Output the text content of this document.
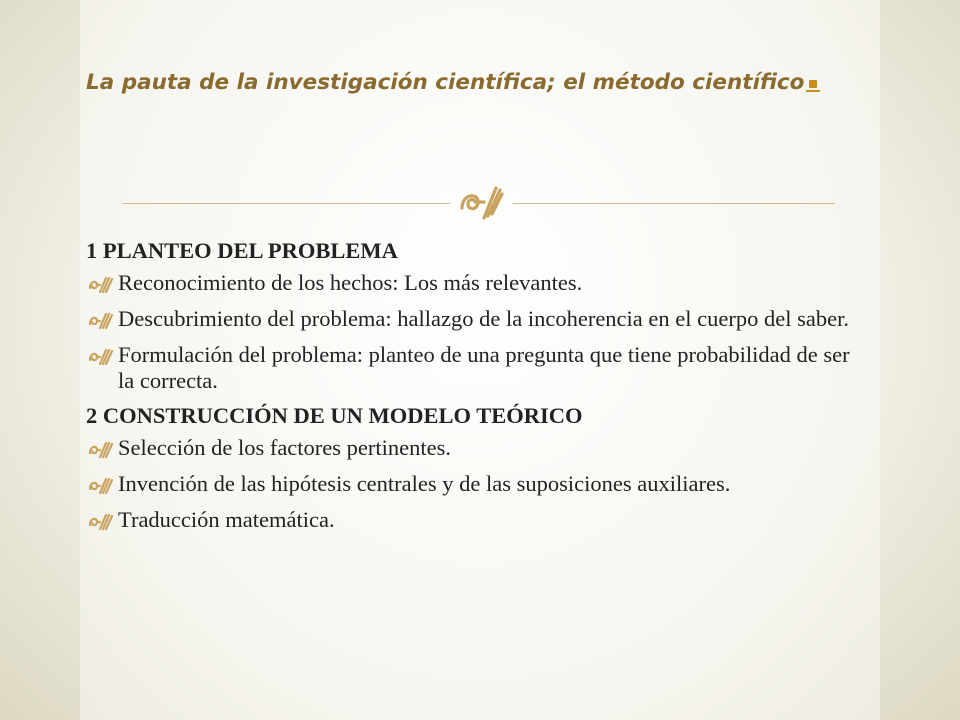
La pauta de la investigación científica; el método científico
1 PLANTEO DEL PROBLEMA
Reconocimiento de los hechos: Los más relevantes.
Descubrimiento del problema: hallazgo de la incoherencia en el cuerpo del saber.
Formulación del problema: planteo de una pregunta que tiene probabilidad de ser la correcta.
2 CONSTRUCCIÓN DE UN MODELO TEÓRICO
Selección de los factores pertinentes.
Invención de las hipótesis centrales y de las suposiciones auxiliares.
Traducción matemática.
